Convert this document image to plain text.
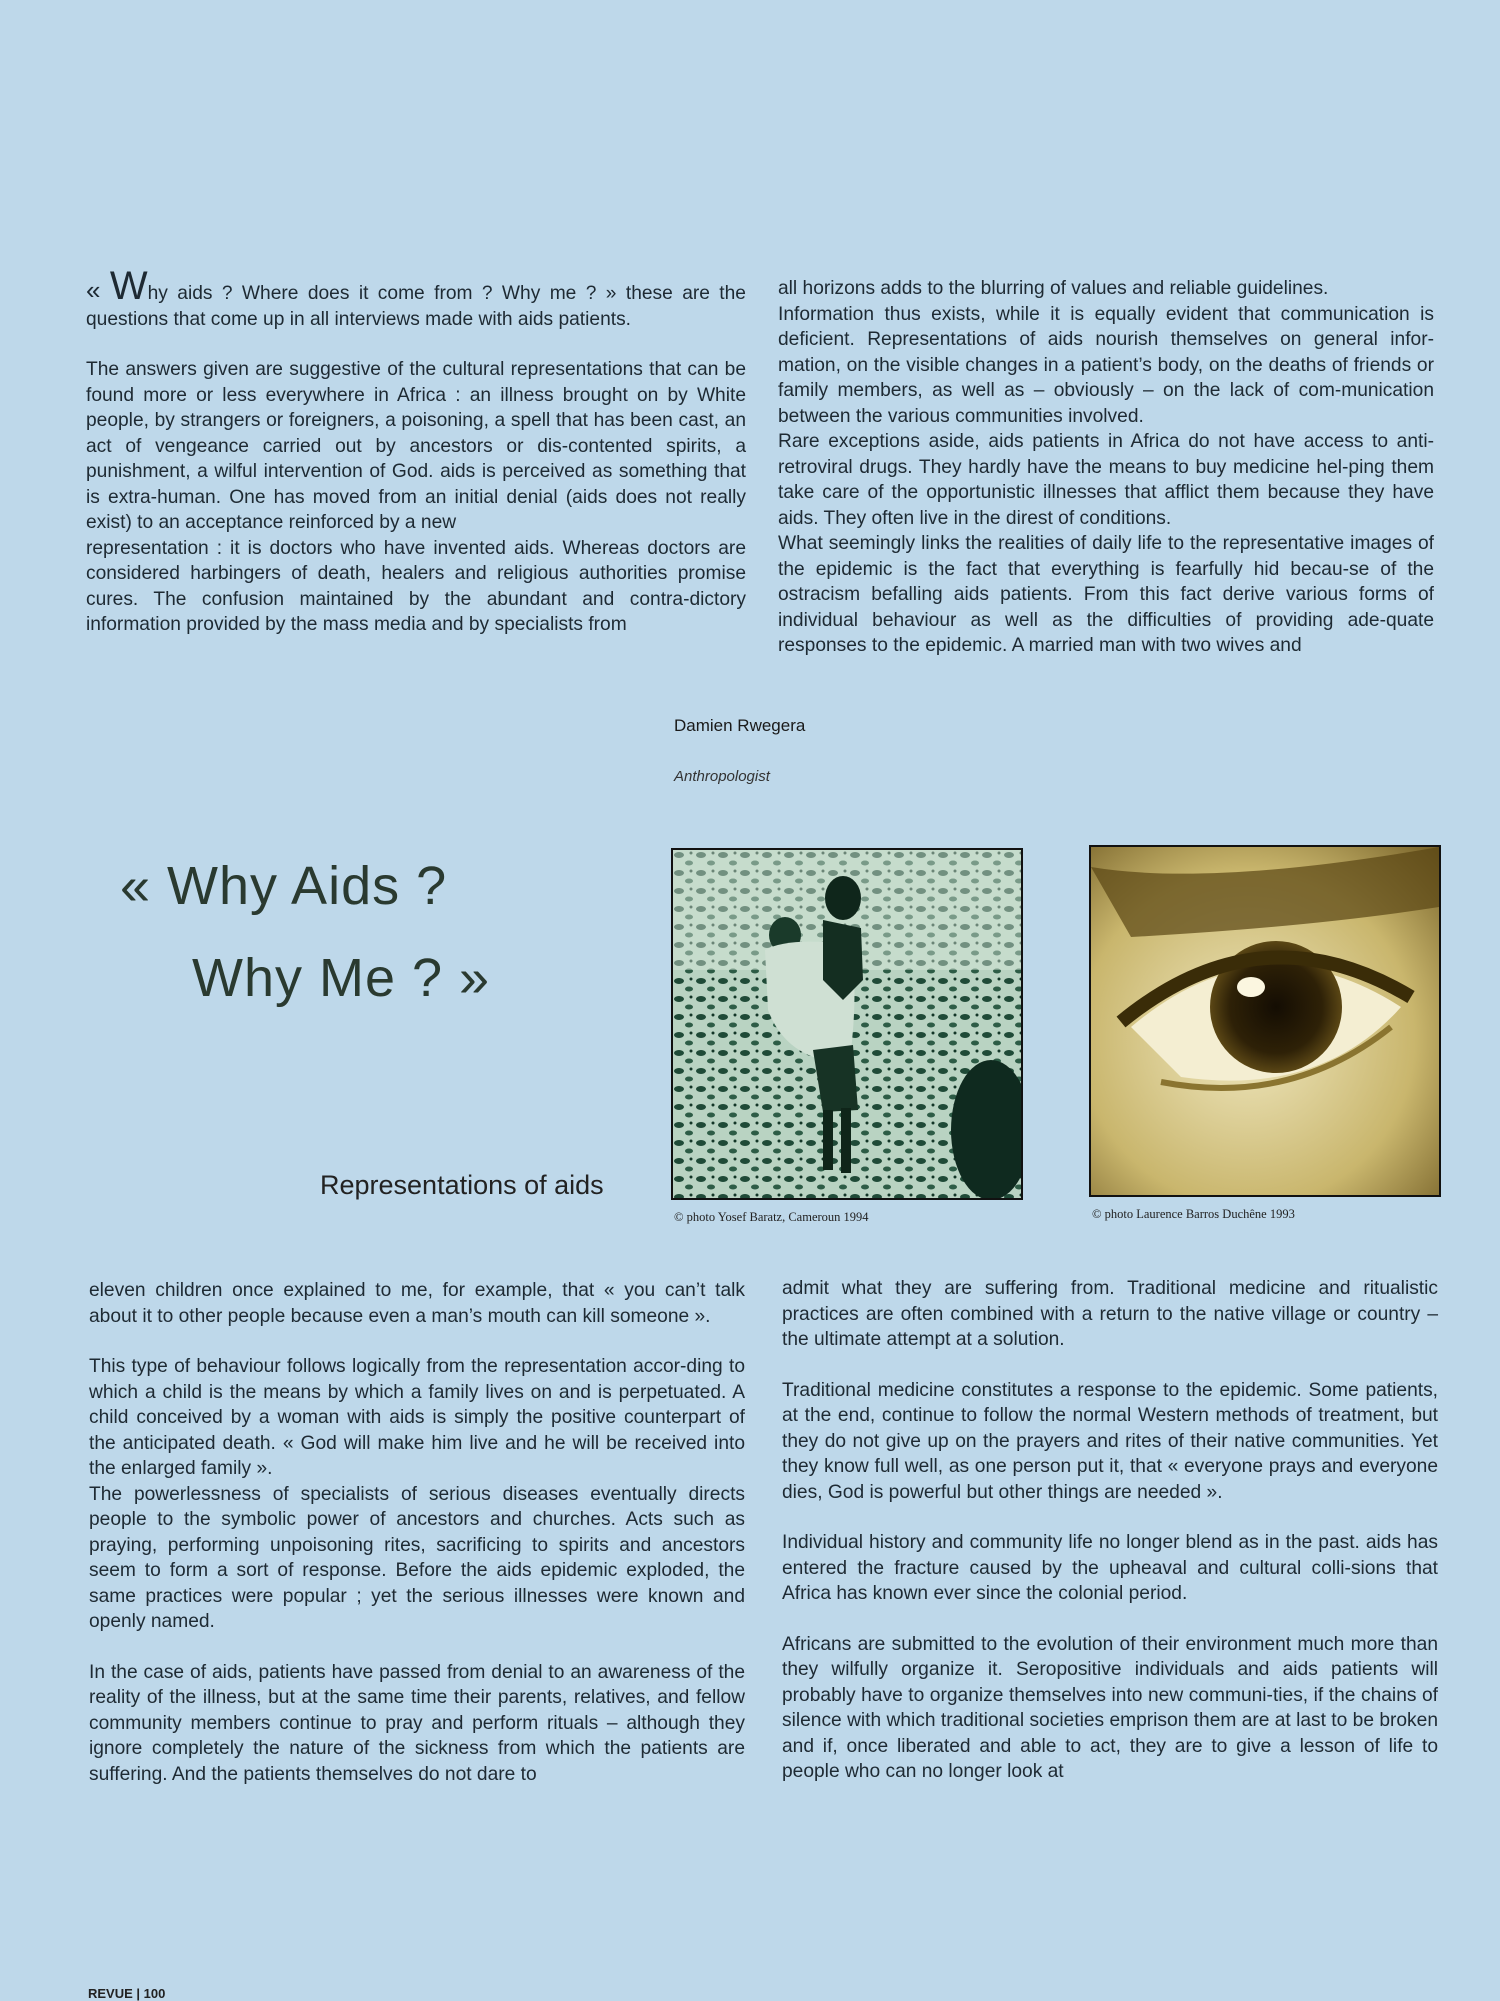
« Why aids ? Where does it come from ? Why me ? » these are the questions that come up in all interviews made with aids patients.

The answers given are suggestive of the cultural representations that can be found more or less everywhere in Africa : an illness brought on by White people, by strangers or foreigners, a poisoning, a spell that has been cast, an act of vengeance carried out by ancestors or dis-contented spirits, a punishment, a wilful intervention of God. aids is perceived as something that is extra-human. One has moved from an initial denial (aids does not really exist) to an acceptance reinforced by a new

representation : it is doctors who have invented aids. Whereas doctors are considered harbingers of death, healers and religious authorities promise cures. The confusion maintained by the abundant and contra-dictory information provided by the mass media and by specialists from

all horizons adds to the blurring of values and reliable guidelines.

Information thus exists, while it is equally evident that communication is deficient. Representations of aids nourish themselves on general infor-mation, on the visible changes in a patient’s body, on the deaths of friends or family members, as well as – obviously – on the lack of com-munication between the various communities involved.

Rare exceptions aside, aids patients in Africa do not have access to anti-retroviral drugs. They hardly have the means to buy medicine hel-ping them take care of the opportunistic illnesses that afflict them because they have aids. They often live in the direst of conditions.

What seemingly links the realities of daily life to the representative images of the epidemic is the fact that everything is fearfully hid becau-se of the ostracism befalling aids patients. From this fact derive various forms of individual behaviour as well as the difficulties of providing ade-quate responses to the epidemic. A married man with two wives and

Damien Rwegera
Anthropologist
« Why Aids ?
Why Me ? »
Representations of aids
© photo Yosef Baratz, Cameroun 1994	© photo Laurence Barros Duchêne 1993

eleven children once explained to me, for example, that « you can’t talk about it to other people because even a man’s mouth can kill someone ».

This type of behaviour follows logically from the representation accor-ding to which a child is the means by which a family lives on and is perpetuated. A child conceived by a woman with aids is simply the positive counterpart of the anticipated death. « God will make him live and he will be received into the enlarged family ».

The powerlessness of specialists of serious diseases eventually directs people to the symbolic power of ancestors and churches. Acts such as praying, performing unpoisoning rites, sacrificing to spirits and ancestors seem to form a sort of response. Before the aids epidemic exploded, the same practices were popular ; yet the serious illnesses were known and openly named.

In the case of aids, patients have passed from denial to an awareness of the reality of the illness, but at the same time their parents, relatives, and fellow community members continue to pray and perform rituals – although they ignore completely the nature of the sickness from which the patients are suffering. And the patients themselves do not dare to

admit what they are suffering from. Traditional medicine and ritualistic practices are often combined with a return to the native village or country – the ultimate attempt at a solution.

Traditional medicine constitutes a response to the epidemic. Some patients, at the end, continue to follow the normal Western methods of treatment, but they do not give up on the prayers and rites of their native communities. Yet they know full well, as one person put it, that « everyone prays and everyone dies, God is powerful but other things are needed ».

Individual history and community life no longer blend as in the past. aids has entered the fracture caused by the upheaval and cultural colli-sions that Africa has known ever since the colonial period.

Africans are submitted to the evolution of their environment much more than they wilfully organize it. Seropositive individuals and aids patients will probably have to organize themselves into new communi-ties, if the chains of silence with which traditional societies emprison them are at last to be broken and if, once liberated and able to act, they are to give a lesson of life to people who can no longer look at

REVUE | 100
